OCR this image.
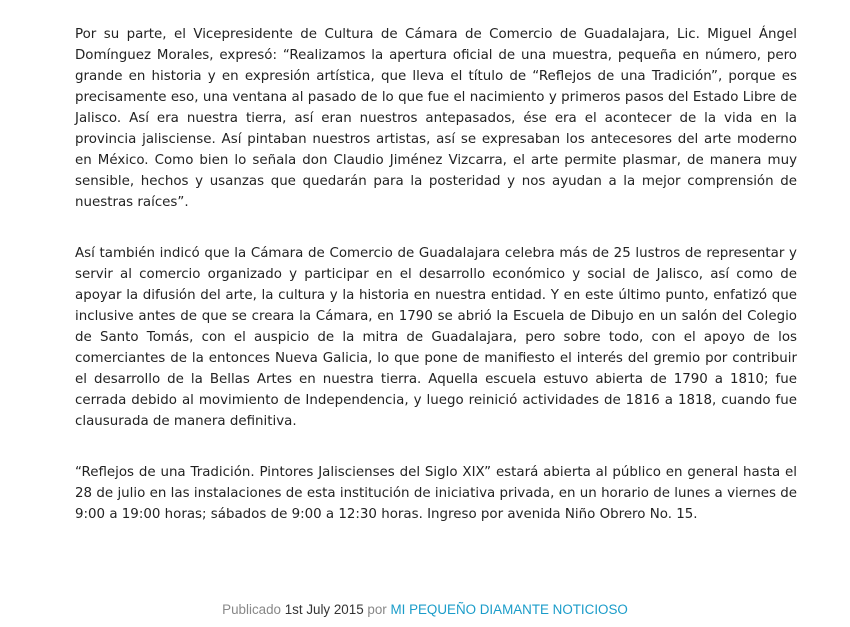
Por su parte, el Vicepresidente de Cultura de Cámara de Comercio de Guadalajara, Lic. Miguel Ángel Domínguez Morales, expresó: “Realizamos la apertura oficial de una muestra, pequeña en número, pero grande en historia y en expresión artística, que lleva el título de “Reflejos de una Tradición”, porque es precisamente eso, una ventana al pasado de lo que fue el nacimiento y primeros pasos del Estado Libre de Jalisco. Así era nuestra tierra, así eran nuestros antepasados, ése era el acontecer de la vida en la provincia jalisciense. Así pintaban nuestros artistas, así se expresaban los antecesores del arte moderno en México. Como bien lo señala don Claudio Jiménez Vizcarra, el arte permite plasmar, de manera muy sensible, hechos y usanzas que quedarán para la posteridad y nos ayudan a la mejor comprensión de nuestras raíces”.

Así también indicó que la Cámara de Comercio de Guadalajara celebra más de 25 lustros de representar y servir al comercio organizado y participar en el desarrollo económico y social de Jalisco, así como de apoyar la difusión del arte, la cultura y la historia en nuestra entidad. Y en este último punto, enfatizó que inclusive antes de que se creara la Cámara, en 1790 se abrió la Escuela de Dibujo en un salón del Colegio de Santo Tomás, con el auspicio de la mitra de Guadalajara, pero sobre todo, con el apoyo de los comerciantes de la entonces Nueva Galicia, lo que pone de manifiesto el interés del gremio por contribuir el desarrollo de la Bellas Artes en nuestra tierra. Aquella escuela estuvo abierta de 1790 a 1810; fue cerrada debido al movimiento de Independencia, y luego reinició actividades de 1816 a 1818, cuando fue clausurada de manera definitiva.

“Reflejos de una Tradición. Pintores Jaliscienses del Siglo XIX” estará abierta al público en general hasta el 28 de julio en las instalaciones de esta institución de iniciativa privada, en un horario de lunes a viernes de 9:00 a 19:00 horas; sábados de 9:00 a 12:30 horas. Ingreso por avenida Niño Obrero No. 15.

Publicado 1st July 2015 por MI PEQUEÑO DIAMANTE NOTICIOSO
